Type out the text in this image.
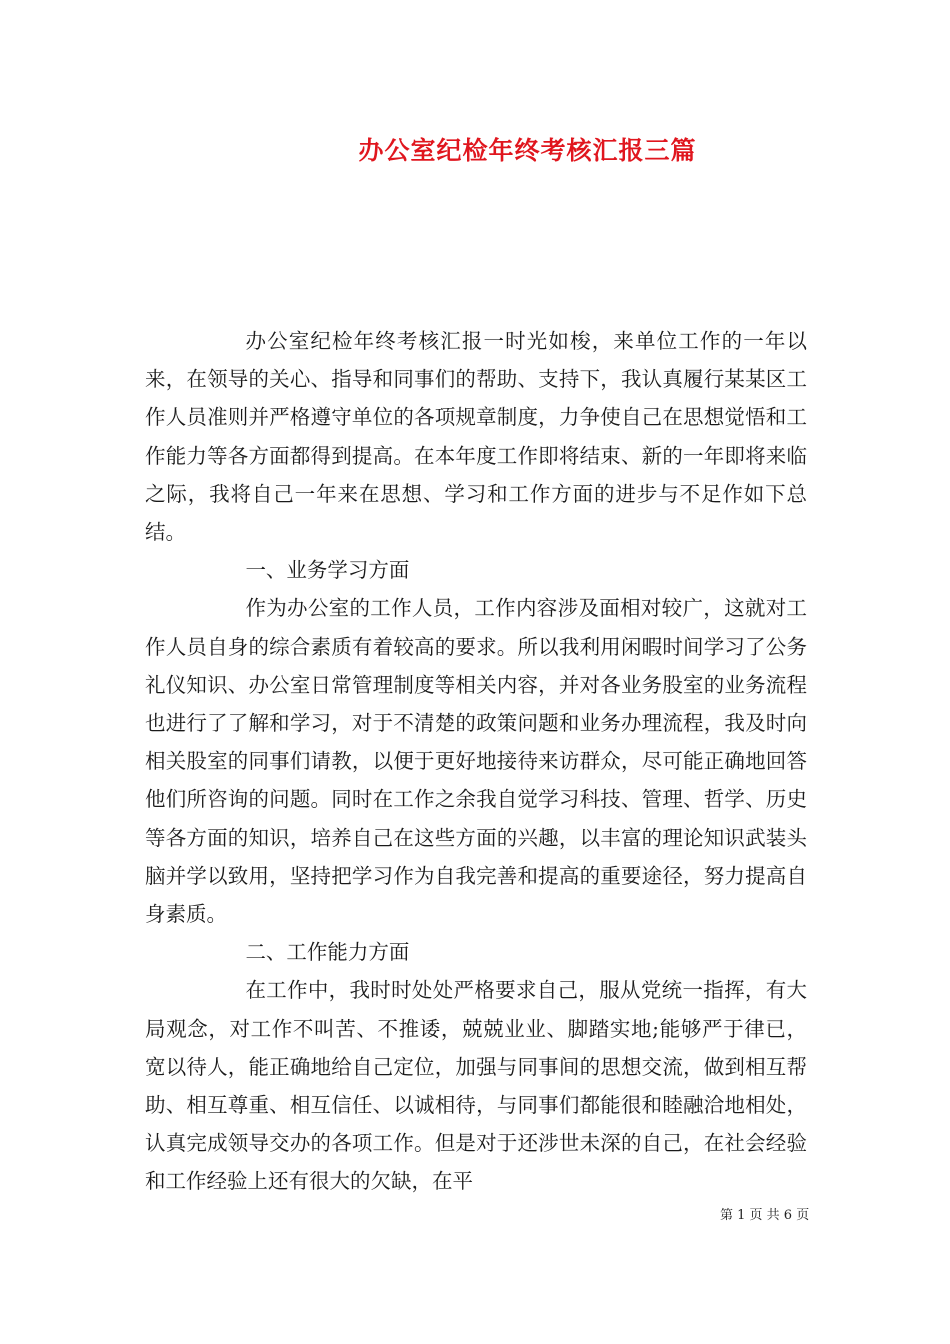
办公室纪检年终考核汇报三篇

办公室纪检年终考核汇报一时光如梭，来单位工作的一年以来，在领导的关心、指导和同事们的帮助、支持下，我认真履行某某区工作人员准则并严格遵守单位的各项规章制度，力争使自己在思想觉悟和工作能力等各方面都得到提高。在本年度工作即将结束、新的一年即将来临之际，我将自己一年来在思想、学习和工作方面的进步与不足作如下总结。

一、业务学习方面

作为办公室的工作人员，工作内容涉及面相对较广，这就对工作人员自身的综合素质有着较高的要求。所以我利用闲暇时间学习了公务礼仪知识、办公室日常管理制度等相关内容，并对各业务股室的业务流程也进行了了解和学习，对于不清楚的政策问题和业务办理流程，我及时向相关股室的同事们请教，以便于更好地接待来访群众，尽可能正确地回答他们所咨询的问题。同时在工作之余我自觉学习科技、管理、哲学、历史等各方面的知识，培养自己在这些方面的兴趣，以丰富的理论知识武装头脑并学以致用，坚持把学习作为自我完善和提高的重要途径，努力提高自身素质。

二、工作能力方面

在工作中，我时时处处严格要求自己，服从党统一指挥，有大局观念，对工作不叫苦、不推诿，兢兢业业、脚踏实地;能够严于律已，宽以待人，能正确地给自己定位，加强与同事间的思想交流，做到相互帮助、相互尊重、相互信任、以诚相待，与同事们都能很和睦融洽地相处，认真完成领导交办的各项工作。但是对于还涉世未深的自己，在社会经验和工作经验上还有很大的欠缺，在平

第 1 页 共 6 页
